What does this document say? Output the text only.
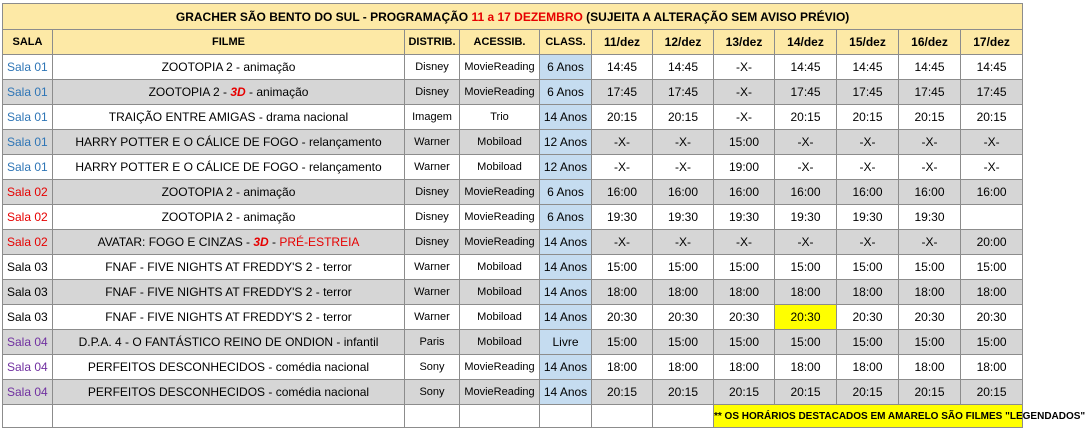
GRACHER SÃO BENTO DO SUL - PROGRAMAÇÃO 11 a 17 DEZEMBRO (SUJEITA A ALTERAÇÃO SEM AVISO PRÉVIO)											
SALA	FILME	DISTRIB.	ACESSIB.	CLASS.	11/dez	12/dez	13/dez	14/dez	15/dez	16/dez	17/dez
Sala 01	ZOOTOPIA 2 - animação	Disney	MovieReading	6 Anos	14:45	14:45	-X-	14:45	14:45	14:45	14:45
Sala 01	ZOOTOPIA 2 - 3D - animação	Disney	MovieReading	6 Anos	17:45	17:45	-X-	17:45	17:45	17:45	17:45
Sala 01	TRAIÇÃO ENTRE AMIGAS - drama nacional	Imagem	Trio	14 Anos	20:15	20:15	-X-	20:15	20:15	20:15	20:15
Sala 01	HARRY POTTER E O CÁLICE DE FOGO - relançamento	Warner	Mobiload	12 Anos	-X-	-X-	15:00	-X-	-X-	-X-	-X-
Sala 01	HARRY POTTER E O CÁLICE DE FOGO - relançamento	Warner	Mobiload	12 Anos	-X-	-X-	19:00	-X-	-X-	-X-	-X-
Sala 02	ZOOTOPIA 2 - animação	Disney	MovieReading	6 Anos	16:00	16:00	16:00	16:00	16:00	16:00	16:00
Sala 02	ZOOTOPIA 2 - animação	Disney	MovieReading	6 Anos	19:30	19:30	19:30	19:30	19:30	19:30	
Sala 02	AVATAR: FOGO E CINZAS - 3D - PRÉ-ESTREIA	Disney	MovieReading	14 Anos	-X-	-X-	-X-	-X-	-X-	-X-	20:00
Sala 03	FNAF - FIVE NIGHTS AT FREDDY'S 2 - terror	Warner	Mobiload	14 Anos	15:00	15:00	15:00	15:00	15:00	15:00	15:00
Sala 03	FNAF - FIVE NIGHTS AT FREDDY'S 2 - terror	Warner	Mobiload	14 Anos	18:00	18:00	18:00	18:00	18:00	18:00	18:00
Sala 03	FNAF - FIVE NIGHTS AT FREDDY'S 2 - terror	Warner	Mobiload	14 Anos	20:30	20:30	20:30	20:30	20:30	20:30	20:30
Sala 04	D.P.A. 4 - O FANTÁSTICO REINO DE ONDION - infantil	Paris	Mobiload	Livre	15:00	15:00	15:00	15:00	15:00	15:00	15:00
Sala 04	PERFEITOS DESCONHECIDOS - comédia nacional	Sony	MovieReading	14 Anos	18:00	18:00	18:00	18:00	18:00	18:00	18:00
Sala 04	PERFEITOS DESCONHECIDOS - comédia nacional	Sony	MovieReading	14 Anos	20:15	20:15	20:15	20:15	20:15	20:15	20:15
							** OS HORÁRIOS DESTACADOS EM AMARELO SÃO FILMES "LEGENDADOS"				
